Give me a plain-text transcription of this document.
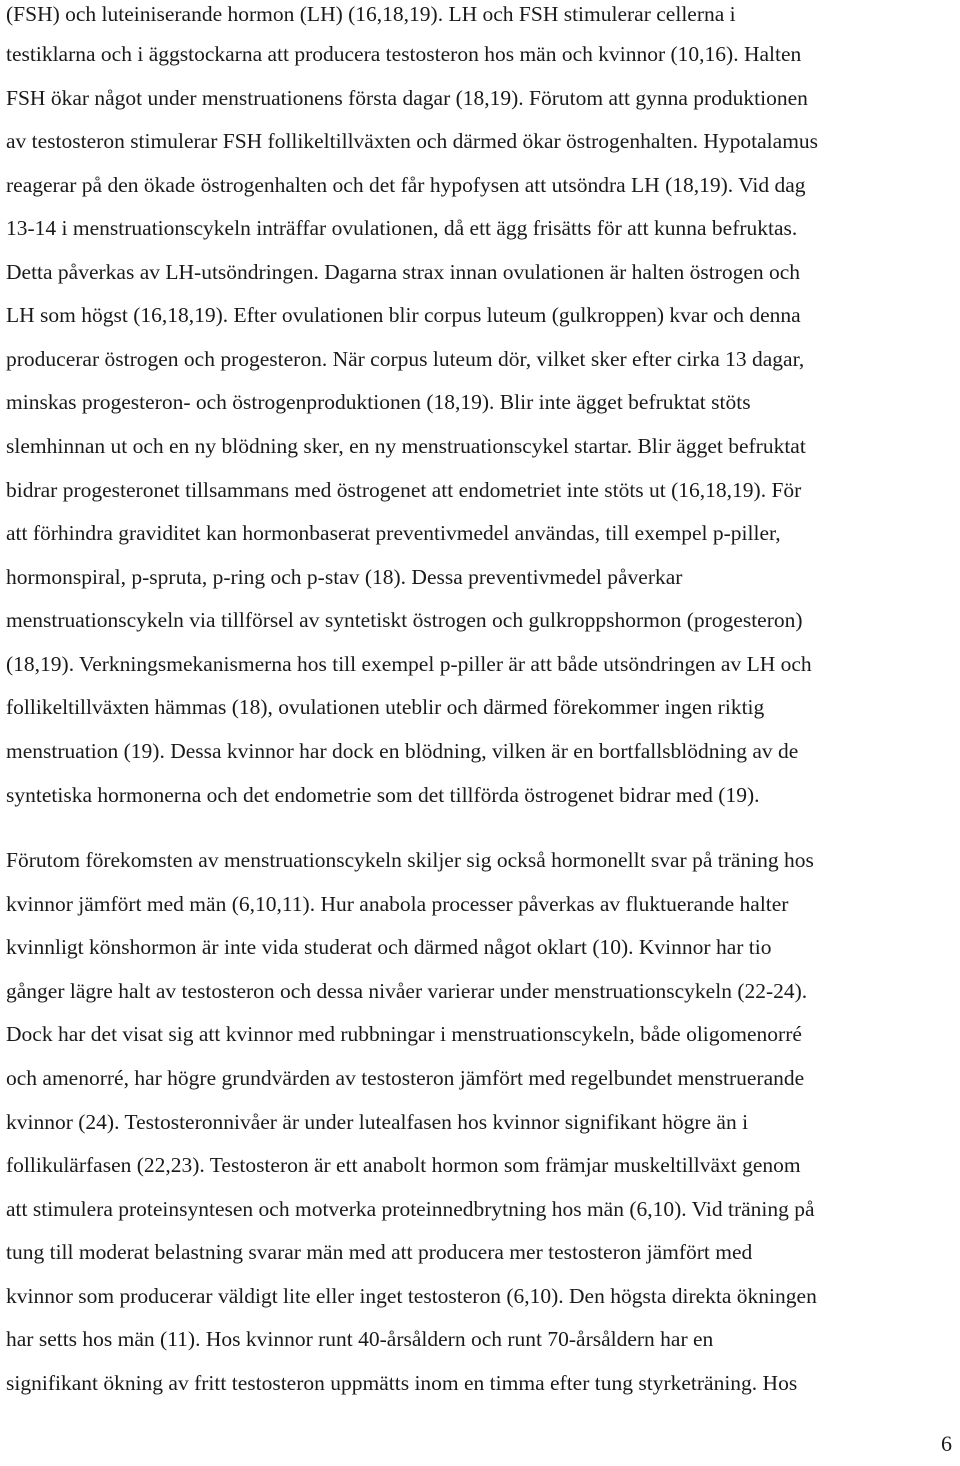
(FSH) och luteiniserande hormon (LH) (16,18,19). LH och FSH stimulerar cellerna i
testiklarna och i äggstockarna att producera testosteron hos män och kvinnor (10,16). Halten
FSH ökar något under menstruationens första dagar (18,19). Förutom att gynna produktionen
av testosteron stimulerar FSH follikeltillväxten och därmed ökar östrogenhalten. Hypotalamus
reagerar på den ökade östrogenhalten och det får hypofysen att utsöndra LH (18,19). Vid dag
13-14 i menstruationscykeln inträffar ovulationen, då ett ägg frisätts för att kunna befruktas.
Detta påverkas av LH-utsöndringen. Dagarna strax innan ovulationen är halten östrogen och
LH som högst (16,18,19). Efter ovulationen blir corpus luteum (gulkroppen) kvar och denna
producerar östrogen och progesteron. När corpus luteum dör, vilket sker efter cirka 13 dagar,
minskas progesteron- och östrogenproduktionen (18,19). Blir inte ägget befruktat stöts
slemhinnan ut och en ny blödning sker, en ny menstruationscykel startar. Blir ägget befruktat
bidrar progesteronet tillsammans med östrogenet att endometriet inte stöts ut (16,18,19). För
att förhindra graviditet kan hormonbaserat preventivmedel användas, till exempel p-piller,
hormonspiral, p-spruta, p-ring och p-stav (18). Dessa preventivmedel påverkar
menstruationscykeln via tillförsel av syntetiskt östrogen och gulkroppshormon (progesteron)
(18,19). Verkningsmekanismerna hos till exempel p-piller är att både utsöndringen av LH och
follikeltillväxten hämmas (18), ovulationen uteblir och därmed förekommer ingen riktig
menstruation (19). Dessa kvinnor har dock en blödning, vilken är en bortfallsblödning av de
syntetiska hormonerna och det endometrie som det tillförda östrogenet bidrar med (19).
Förutom förekomsten av menstruationscykeln skiljer sig också hormonellt svar på träning hos
kvinnor jämfört med män (6,10,11). Hur anabola processer påverkas av fluktuerande halter
kvinnligt könshormon är inte vida studerat och därmed något oklart (10). Kvinnor har tio
gånger lägre halt av testosteron och dessa nivåer varierar under menstruationscykeln (22-24).
Dock har det visat sig att kvinnor med rubbningar i menstruationscykeln, både oligomenorré
och amenorré, har högre grundvärden av testosteron jämfört med regelbundet menstruerande
kvinnor (24). Testosteronnivåer är under lutealfasen hos kvinnor signifikant högre än i
follikulärfasen (22,23). Testosteron är ett anabolt hormon som främjar muskeltillväxt genom
att stimulera proteinsyntesen och motverka proteinnedbrytning hos män (6,10). Vid träning på
tung till moderat belastning svarar män med att producera mer testosteron jämfört med
kvinnor som producerar väldigt lite eller inget testosteron (6,10). Den högsta direkta ökningen
har setts hos män (11). Hos kvinnor runt 40-årsåldern och runt 70-årsåldern har en
signifikant ökning av fritt testosteron uppmätts inom en timma efter tung styrketräning. Hos
6
